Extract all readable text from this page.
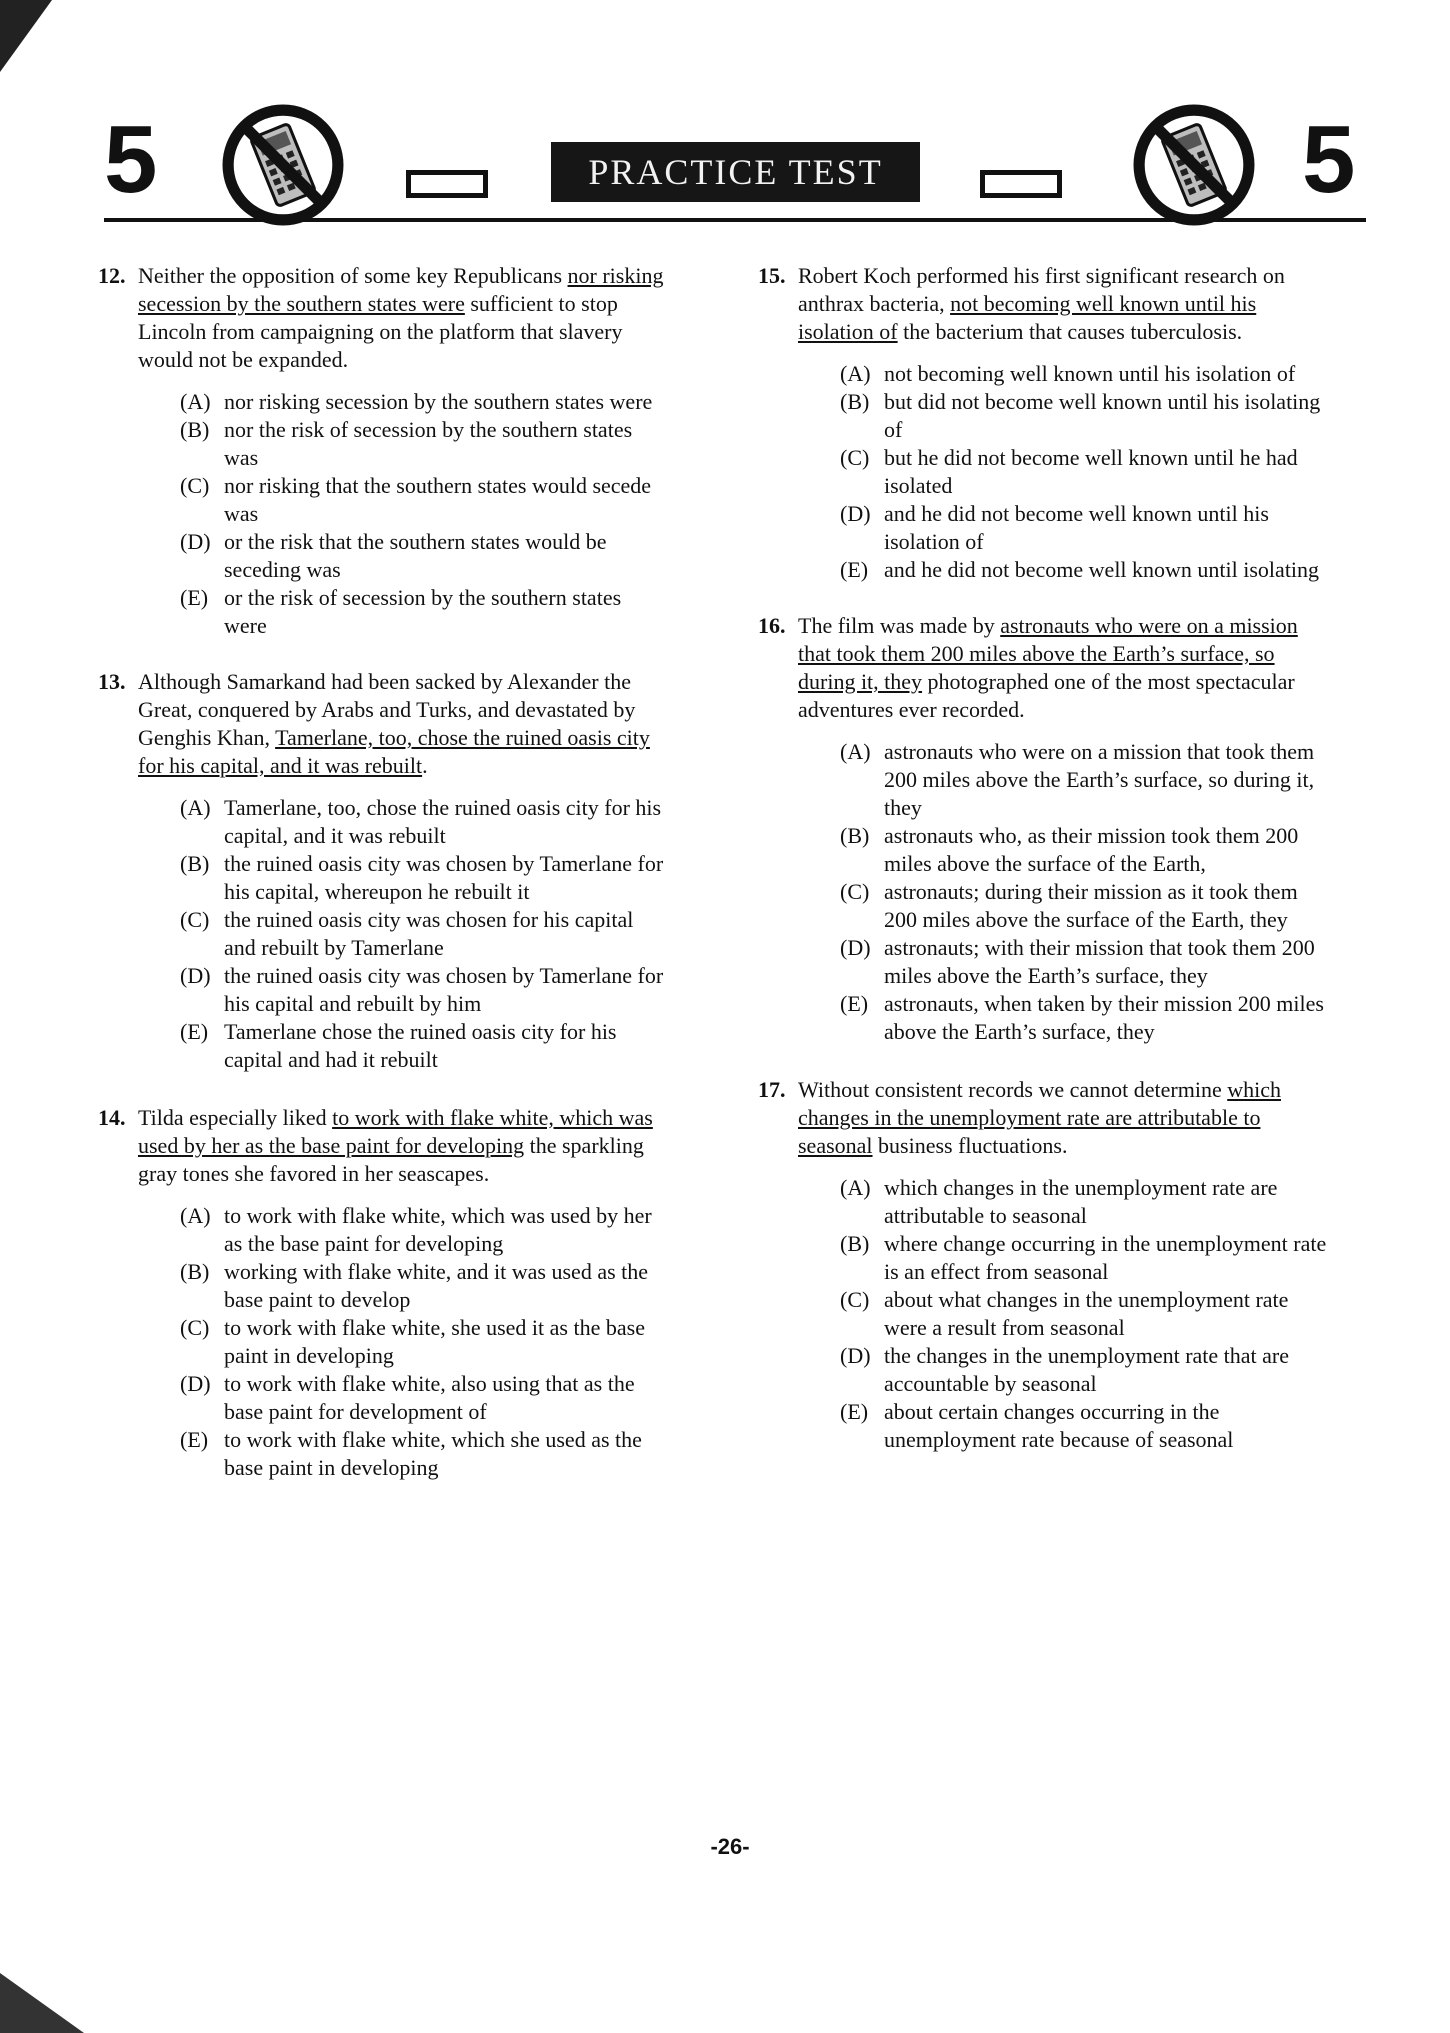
5	PRACTICE TEST	5
12. Neither the opposition of some key Republicans nor risking secession by the southern states were sufficient to stop Lincoln from campaigning on the platform that slavery would not be expanded.

(A) nor risking secession by the southern states were
(B) nor the risk of secession by the southern states was
(C) nor risking that the southern states would secede was
(D) or the risk that the southern states would be seceding was
(E) or the risk of secession by the southern states were
13. Although Samarkand had been sacked by Alexander the Great, conquered by Arabs and Turks, and devastated by Genghis Khan, Tamerlane, too, chose the ruined oasis city for his capital, and it was rebuilt.

(A) Tamerlane, too, chose the ruined oasis city for his capital, and it was rebuilt
(B) the ruined oasis city was chosen by Tamerlane for his capital, whereupon he rebuilt it
(C) the ruined oasis city was chosen for his capital and rebuilt by Tamerlane
(D) the ruined oasis city was chosen by Tamerlane for his capital and rebuilt by him
(E) Tamerlane chose the ruined oasis city for his capital and had it rebuilt
14. Tilda especially liked to work with flake white, which was used by her as the base paint for developing the sparkling gray tones she favored in her seascapes.

(A) to work with flake white, which was used by her as the base paint for developing
(B) working with flake white, and it was used as the base paint to develop
(C) to work with flake white, she used it as the base paint in developing
(D) to work with flake white, also using that as the base paint for development of
(E) to work with flake white, which she used as the base paint in developing
15. Robert Koch performed his first significant research on anthrax bacteria, not becoming well known until his isolation of the bacterium that causes tuberculosis.

(A) not becoming well known until his isolation of
(B) but did not become well known until his isolating of
(C) but he did not become well known until he had isolated
(D) and he did not become well known until his isolation of
(E) and he did not become well known until isolating
16. The film was made by astronauts who were on a mission that took them 200 miles above the Earth’s surface, so during it, they photographed one of the most spectacular adventures ever recorded.

(A) astronauts who were on a mission that took them 200 miles above the Earth’s surface, so during it, they
(B) astronauts who, as their mission took them 200 miles above the surface of the Earth,
(C) astronauts; during their mission as it took them 200 miles above the surface of the Earth, they
(D) astronauts; with their mission that took them 200 miles above the Earth’s surface, they
(E) astronauts, when taken by their mission 200 miles above the Earth’s surface, they
17. Without consistent records we cannot determine which changes in the unemployment rate are attributable to seasonal business fluctuations.

(A) which changes in the unemployment rate are attributable to seasonal
(B) where change occurring in the unemployment rate is an effect from seasonal
(C) about what changes in the unemployment rate were a result from seasonal
(D) the changes in the unemployment rate that are accountable by seasonal
(E) about certain changes occurring in the unemployment rate because of seasonal
-26-
